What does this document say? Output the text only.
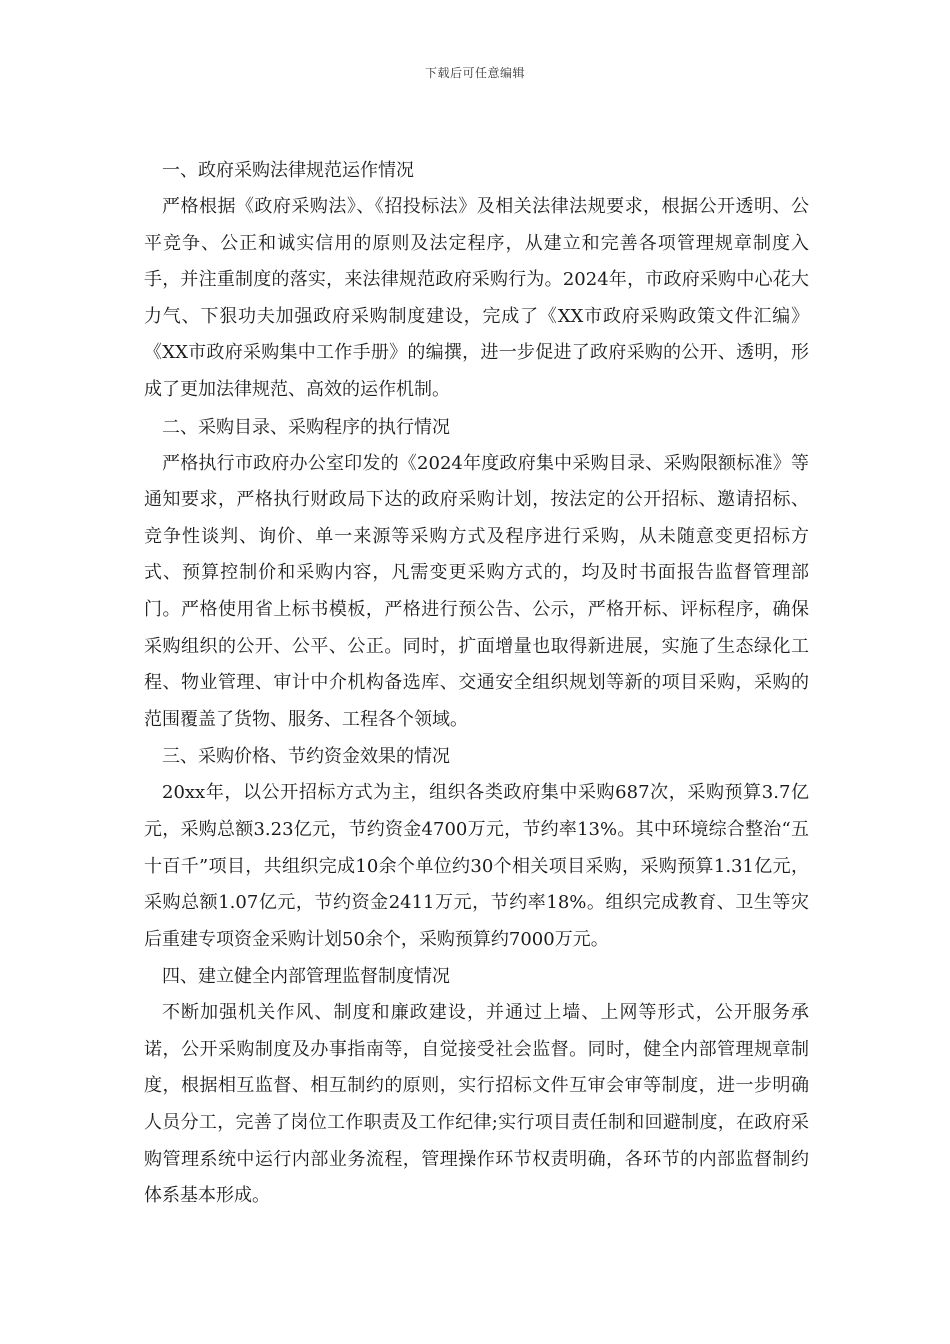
下载后可任意编辑
一、政府采购法律规范运作情况

严格根据《政府采购法》、《招投标法》及相关法律法规要求，根据公开透明、公平竞争、公正和诚实信用的原则及法定程序，从建立和完善各项管理规章制度入手，并注重制度的落实，来法律规范政府采购行为。2024年，市政府采购中心花大力气、下狠功夫加强政府采购制度建设，完成了《XX市政府采购政策文件汇编》《XX市政府采购集中工作手册》的编撰，进一步促进了政府采购的公开、透明，形成了更加法律规范、高效的运作机制。

二、采购目录、采购程序的执行情况

严格执行市政府办公室印发的《2024年度政府集中采购目录、采购限额标准》等通知要求，严格执行财政局下达的政府采购计划，按法定的公开招标、邀请招标、竞争性谈判、询价、单一来源等采购方式及程序进行采购，从未随意变更招标方式、预算控制价和采购内容，凡需变更采购方式的，均及时书面报告监督管理部门。严格使用省上标书模板，严格进行预公告、公示，严格开标、评标程序，确保采购组织的公开、公平、公正。同时，扩面增量也取得新进展，实施了生态绿化工程、物业管理、审计中介机构备选库、交通安全组织规划等新的项目采购，采购的范围覆盖了货物、服务、工程各个领域。

三、采购价格、节约资金效果的情况

20xx年，以公开招标方式为主，组织各类政府集中采购687次，采购预算3.7亿元，采购总额3.23亿元，节约资金4700万元，节约率13%。其中环境综合整治“五十百千”项目，共组织完成10余个单位约30个相关项目采购，采购预算1.31亿元，采购总额1.07亿元，节约资金2411万元，节约率18%。组织完成教育、卫生等灾后重建专项资金采购计划50余个，采购预算约7000万元。

四、建立健全内部管理监督制度情况

不断加强机关作风、制度和廉政建设，并通过上墙、上网等形式，公开服务承诺，公开采购制度及办事指南等，自觉接受社会监督。同时，健全内部管理规章制度，根据相互监督、相互制约的原则，实行招标文件互审会审等制度，进一步明确人员分工，完善了岗位工作职责及工作纪律;实行项目责任制和回避制度，在政府采购管理系统中运行内部业务流程，管理操作环节权责明确，各环节的内部监督制约体系基本形成。
